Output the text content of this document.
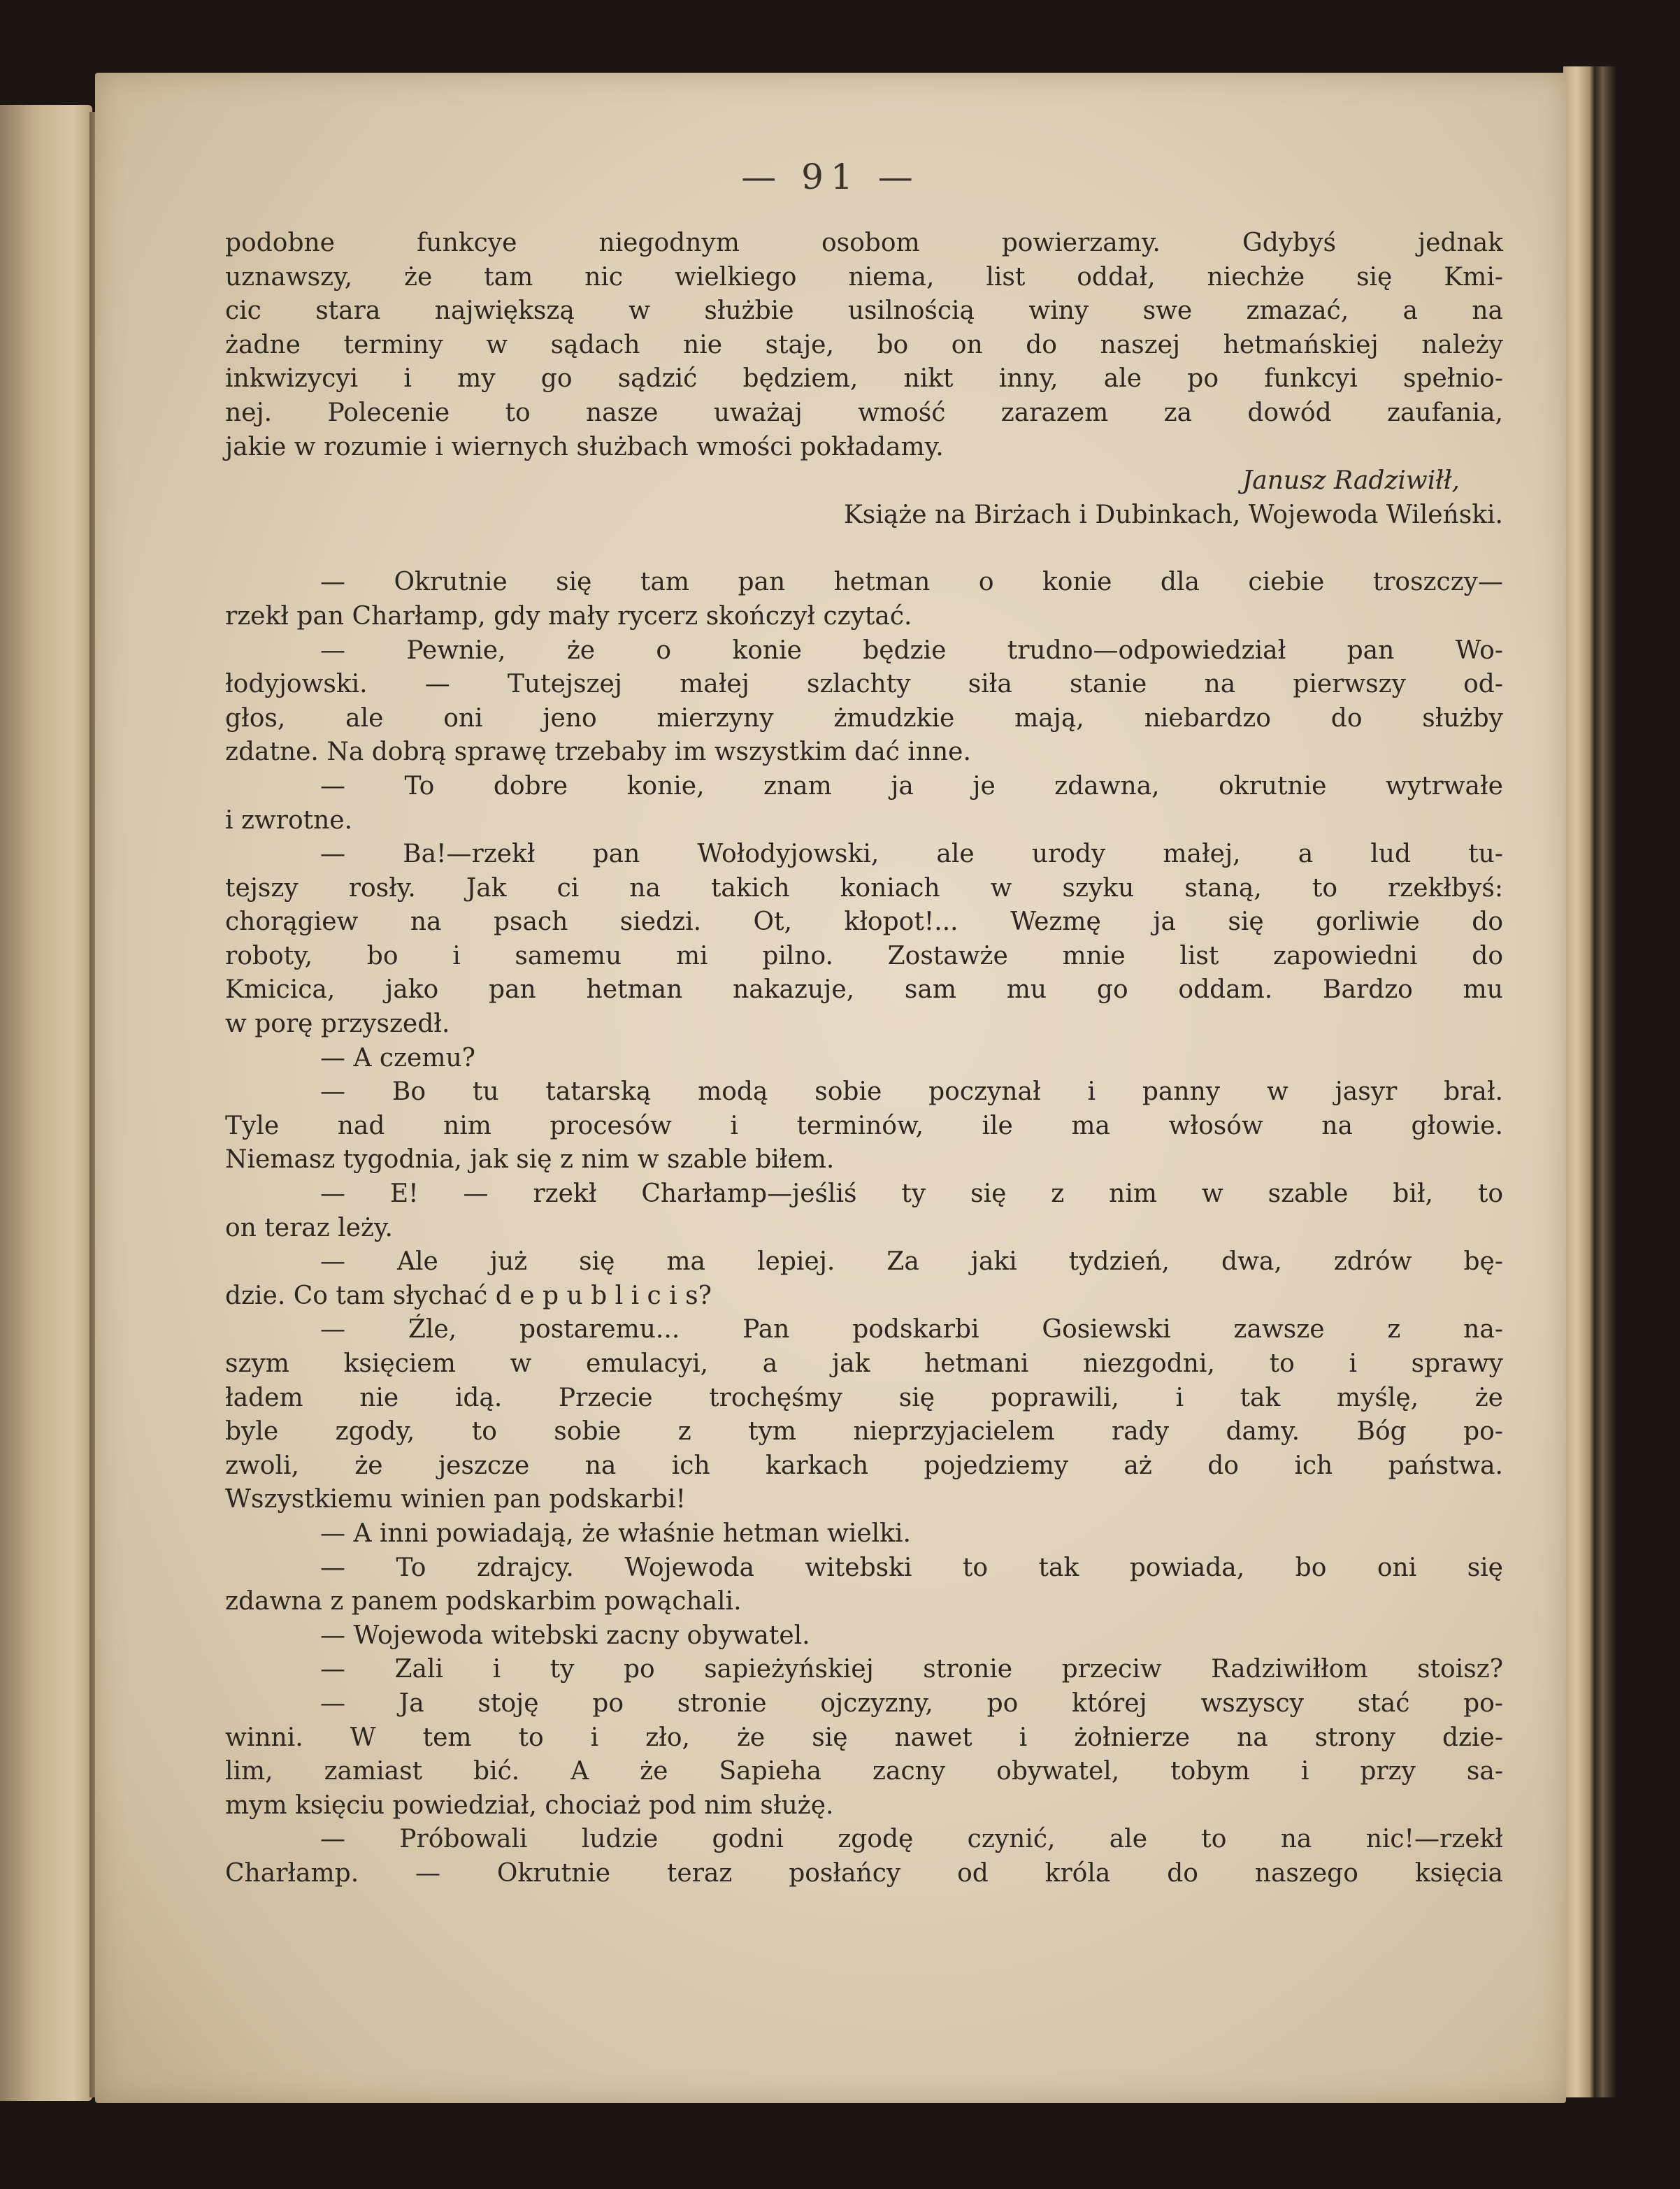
— 91 —
podobne funkcye niegodnym osobom powierzamy. Gdybyś jednak
uznawszy, że tam nic wielkiego niema, list oddał, niechże się Kmi-
cic stara największą w służbie usilnością winy swe zmazać, a na
żadne terminy w sądach nie staje, bo on do naszej hetmańskiej należy
inkwizycyi i my go sądzić będziem, nikt inny, ale po funkcyi spełnio-
nej. Polecenie to nasze uważaj wmość zarazem za dowód zaufania,
jakie w rozumie i wiernych służbach wmości pokładamy.
Janusz Radziwiłł,
Książe na Birżach i Dubinkach, Wojewoda Wileński.
— Okrutnie się tam pan hetman o konie dla ciebie troszczy—
rzekł pan Charłamp, gdy mały rycerz skończył czytać.
— Pewnie, że o konie będzie trudno—odpowiedział pan Wo-
łodyjowski. — Tutejszej małej szlachty siła stanie na pierwszy od-
głos, ale oni jeno mierzyny żmudzkie mają, niebardzo do służby
zdatne. Na dobrą sprawę trzebaby im wszystkim dać inne.
— To dobre konie, znam ja je zdawna, okrutnie wytrwałe
i zwrotne.
— Ba!—rzekł pan Wołodyjowski, ale urody małej, a lud tu-
tejszy rosły. Jak ci na takich koniach w szyku staną, to rzekłbyś:
chorągiew na psach siedzi. Ot, kłopot!... Wezmę ja się gorliwie do
roboty, bo i samemu mi pilno. Zostawże mnie list zapowiedni do
Kmicica, jako pan hetman nakazuje, sam mu go oddam. Bardzo mu
w porę przyszedł.
— A czemu?
— Bo tu tatarską modą sobie poczynał i panny w jasyr brał.
Tyle nad nim procesów i terminów, ile ma włosów na głowie.
Niemasz tygodnia, jak się z nim w szable biłem.
— E! — rzekł Charłamp—jeśliś ty się z nim w szable bił, to
on teraz leży.
— Ale już się ma lepiej. Za jaki tydzień, dwa, zdrów bę-
dzie. Co tam słychać d e p u b l i c i s?
— Źle, postaremu... Pan podskarbi Gosiewski zawsze z na-
szym księciem w emulacyi, a jak hetmani niezgodni, to i sprawy
ładem nie idą. Przecie trochęśmy się poprawili, i tak myślę, że
byle zgody, to sobie z tym nieprzyjacielem rady damy. Bóg po-
zwoli, że jeszcze na ich karkach pojedziemy aż do ich państwa.
Wszystkiemu winien pan podskarbi!
— A inni powiadają, że właśnie hetman wielki.
— To zdrajcy. Wojewoda witebski to tak powiada, bo oni się
zdawna z panem podskarbim powąchali.
— Wojewoda witebski zacny obywatel.
— Zali i ty po sapieżyńskiej stronie przeciw Radziwiłłom stoisz?
— Ja stoję po stronie ojczyzny, po której wszyscy stać po-
winni. W tem to i zło, że się nawet i żołnierze na strony dzie-
lim, zamiast bić. A że Sapieha zacny obywatel, tobym i przy sa-
mym księciu powiedział, chociaż pod nim służę.
— Próbowali ludzie godni zgodę czynić, ale to na nic!—rzekł
Charłamp. — Okrutnie teraz posłańcy od króla do naszego księcia
